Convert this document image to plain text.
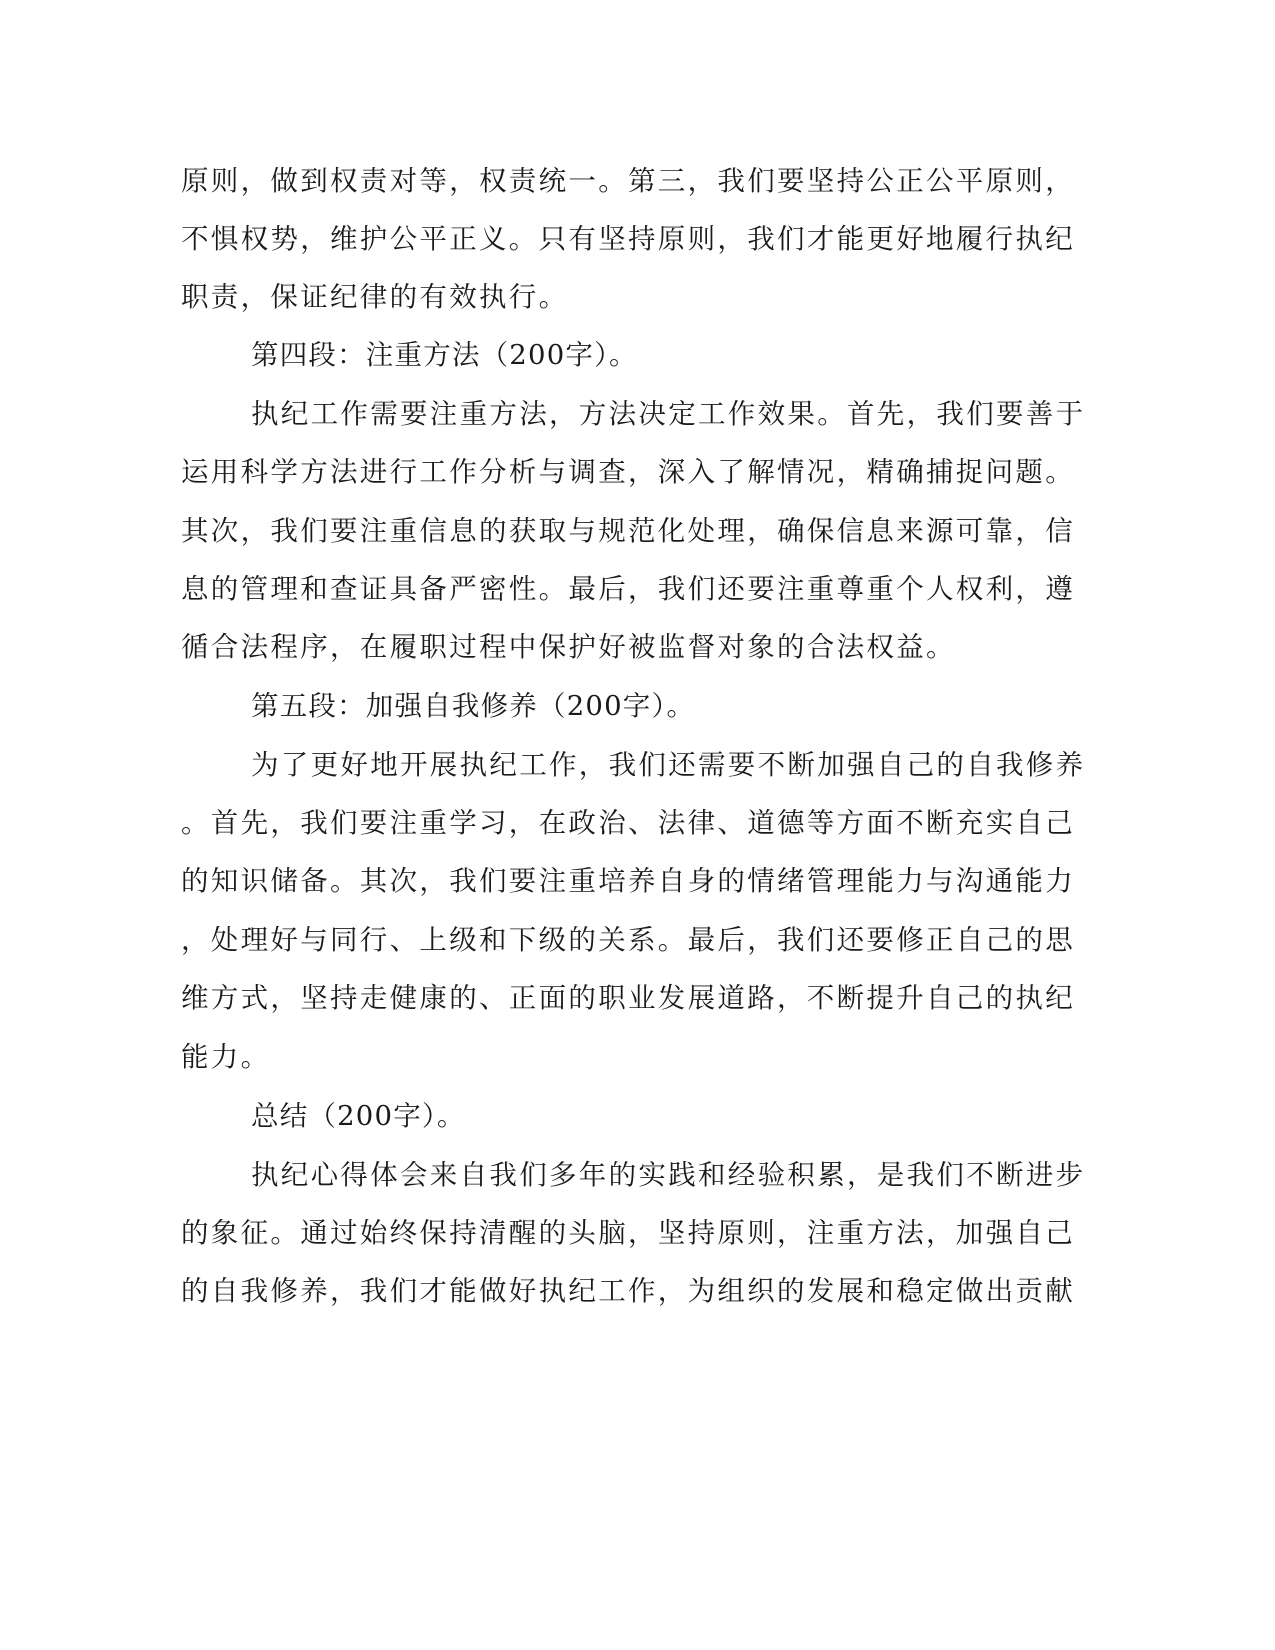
原则，做到权责对等，权责统一。第三，我们要坚持公正公平原则，

不惧权势，维护公平正义。只有坚持原则，我们才能更好地履行执纪

职责，保证纪律的有效执行。

第四段：注重方法（200字）。

执纪工作需要注重方法，方法决定工作效果。首先，我们要善于

运用科学方法进行工作分析与调查，深入了解情况，精确捕捉问题。

其次，我们要注重信息的获取与规范化处理，确保信息来源可靠，信

息的管理和查证具备严密性。最后，我们还要注重尊重个人权利，遵

循合法程序，在履职过程中保护好被监督对象的合法权益。

第五段：加强自我修养（200字）。

为了更好地开展执纪工作，我们还需要不断加强自己的自我修养

。首先，我们要注重学习，在政治、法律、道德等方面不断充实自己

的知识储备。其次，我们要注重培养自身的情绪管理能力与沟通能力

，处理好与同行、上级和下级的关系。最后，我们还要修正自己的思

维方式，坚持走健康的、正面的职业发展道路，不断提升自己的执纪

能力。

总结（200字）。

执纪心得体会来自我们多年的实践和经验积累，是我们不断进步

的象征。通过始终保持清醒的头脑，坚持原则，注重方法，加强自己

的自我修养，我们才能做好执纪工作，为组织的发展和稳定做出贡献
